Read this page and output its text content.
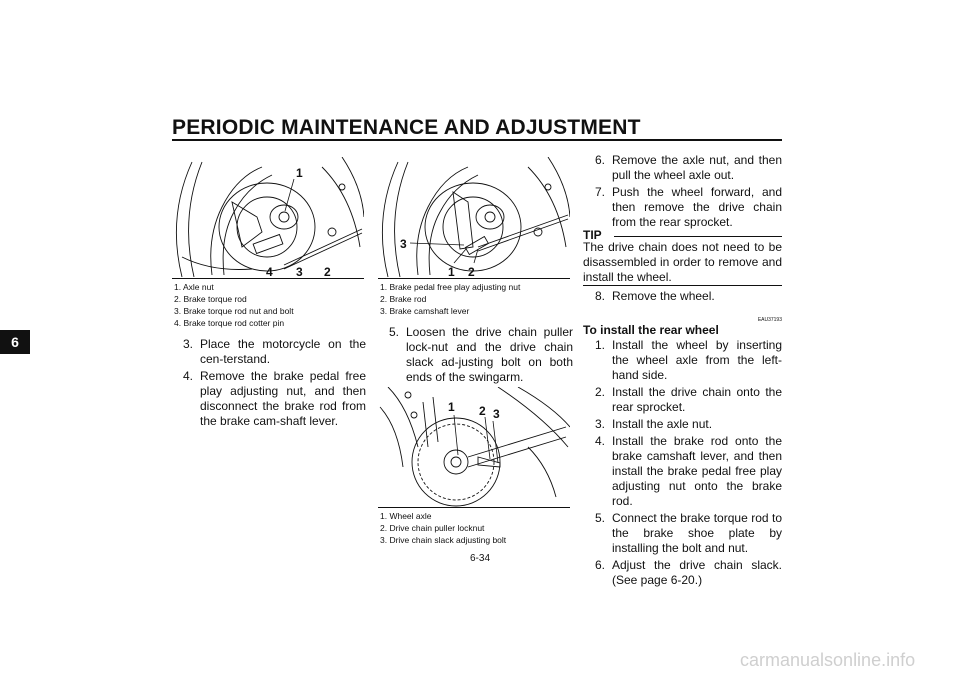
PERIODIC MAINTENANCE AND ADJUSTMENT
6
1
4 3 2
1. Axle nut
2. Brake torque rod
3. Brake torque rod nut and bolt
4. Brake torque rod cotter pin
3. Place the motorcycle on the cen-terstand.
4. Remove the brake pedal free play adjusting nut, and then disconnect the brake rod from the brake cam-shaft lever.
3
1 2
1. Brake pedal free play adjusting nut
2. Brake rod
3. Brake camshaft lever
5. Loosen the drive chain puller lock-nut and the drive chain slack ad-justing bolt on both ends of the swingarm.
1 2 3
1. Wheel axle
2. Drive chain puller locknut
3. Drive chain slack adjusting bolt
6. Remove the axle nut, and then pull the wheel axle out.
7. Push the wheel forward, and then remove the drive chain from the rear sprocket.
TIP
The drive chain does not need to be disassembled in order to remove and install the wheel.
8. Remove the wheel.
EAU37193
To install the rear wheel
1. Install the wheel by inserting the wheel axle from the left-hand side.
2. Install the drive chain onto the rear sprocket.
3. Install the axle nut.
4. Install the brake rod onto the brake camshaft lever, and then install the brake pedal free play adjusting nut onto the brake rod.
5. Connect the brake torque rod to the brake shoe plate by installing the bolt and nut.
6. Adjust the drive chain slack. (See page 6-20.)
6-34
carmanualsonline.info
